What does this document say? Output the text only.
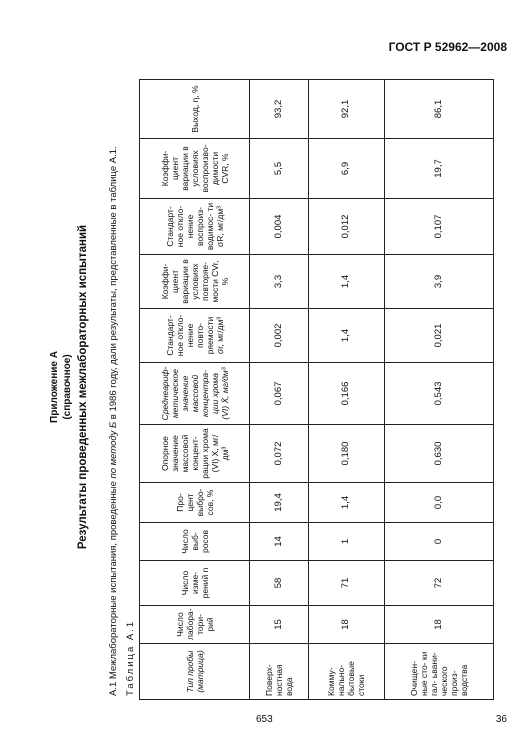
ГОСТ Р 52962—2008
Приложение А (справочное) Результаты проведенных межлабораторных испытаний
А.1 Межлабораторные испытания, проведенные по методу Б в 1986 году, дали результаты, представленные в таблице А.1.
Таблица А.1	Тип пробы (матрица)	Число лабора- тори- рий	Число изме- рений n	Число выб- росов	Про- цент выбро- сов, %	Опорное значение массовой концент- рации хрома (VI) X, мг/дм³	Среднеариф- метическое значение массовой концентра- ции хрома (VI) X̄, мг/дм³	Стандарт- ное откло- нение повто- ряемости σr, мг/дм³	Коэффи- циент вариации в условиях повторяе- мости CVr, %	Стандарт- ное откло- нение воспроиз- водимос- ти σR, мг/дм³	Коэффи- циент вариации в условиях воспроизво- димости CVR, %	Выход, η, %
Поверх- ностная вода	15	58	14	19,4	0,072	0,067	0,002	3,3	0,004	5,5	93,2
Комму- нально- бытовые стоки	18	71	1	1,4	0,180	0,166	1,4	1,4	0,012	6,9	92,1
Очищен- ные сто- ки гал- ьвани- ческого произ- водства	18	72	0	0,0	0,630	0,543	0,021	3,9	0,107	19,7	86,1
653	36
